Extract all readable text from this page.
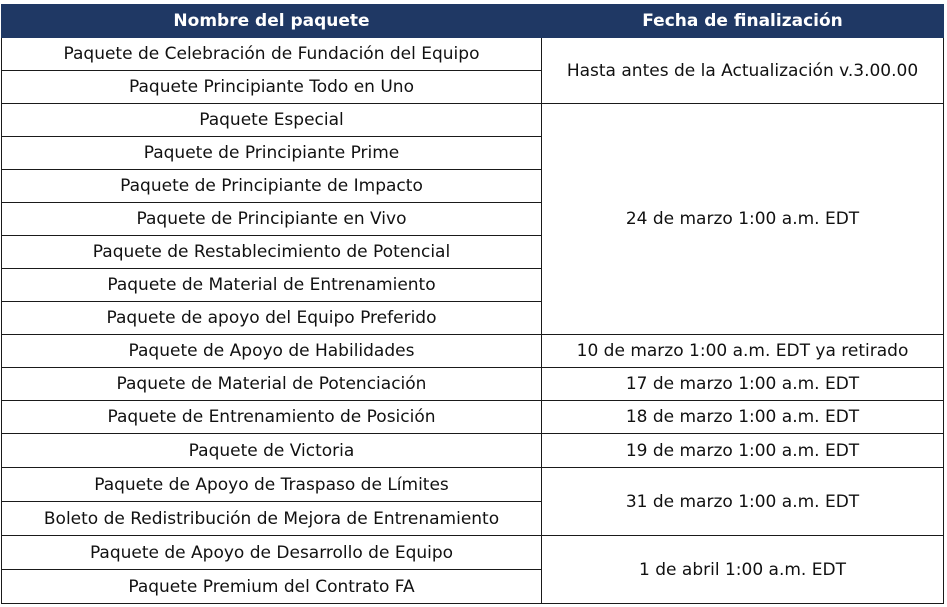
Nombre del paquete	Fecha de finalización
Paquete de Celebración de Fundación del Equipo	Hasta antes de la Actualización v.3.00.00
Paquete Principiante Todo en Uno	
Paquete Especial	24 de marzo 1:00 a.m. EDT
Paquete de Principiante Prime	
Paquete de Principiante de Impacto	
Paquete de Principiante en Vivo	
Paquete de Restablecimiento de Potencial	
Paquete de Material de Entrenamiento	
Paquete de apoyo del Equipo Preferido	
Paquete de Apoyo de Habilidades	10 de marzo 1:00 a.m. EDT ya retirado
Paquete de Material de Potenciación	17 de marzo 1:00 a.m. EDT
Paquete de Entrenamiento de Posición	18 de marzo 1:00 a.m. EDT
Paquete de Victoria	19 de marzo 1:00 a.m. EDT
Paquete de Apoyo de Traspaso de Límites	31 de marzo 1:00 a.m. EDT
Boleto de Redistribución de Mejora de Entrenamiento	
Paquete de Apoyo de Desarrollo de Equipo	1 de abril 1:00 a.m. EDT
Paquete Premium del Contrato FA	
